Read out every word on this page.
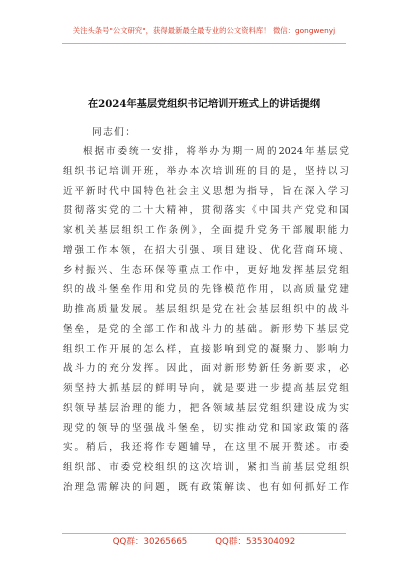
关注头条号"公文研究"，获得最新最全最专业的公文资料库！ 微信：gongwenyj
在2024年基层党组织书记培训开班式上的讲话提纲
同志们：
根据市委统一安排，将举办为期一周的2024年基层党
组织书记培训开班，举办本次培训班的目的是，坚持以习
近平新时代中国特色社会主义思想为指导，旨在深入学习
贯彻落实党的二十大精神，贯彻落实《中国共产党党和国
家机关基层组织工作条例》，全面提升党务干部履职能力
增强工作本领，在招大引强、项目建设、优化营商环境、
乡村振兴、生态环保等重点工作中，更好地发挥基层党组
织的战斗堡垒作用和党员的先锋模范作用，以高质量党建
助推高质量发展。基层组织是党在社会基层组织中的战斗
堡垒，是党的全部工作和战斗力的基础。新形势下基层党
组织工作开展的怎么样，直接影响到党的凝聚力、影响力
战斗力的充分发挥。因此，面对新形势新任务新要求，必
须坚持大抓基层的鲜明导向，就是要进一步提高基层党组
织领导基层治理的能力，把各领域基层党组织建设成为实
现党的领导的坚强战斗堡垒，切实推动党和国家政策的落
实。稍后，我还将作专题辅导，在这里不展开赘述。市委
组织部、市委党校组织的这次培训，紧扣当前基层党组织
治理急需解决的问题，既有政策解读、也有如何抓好工作
QQ群：30265665	QQ群：535304092
